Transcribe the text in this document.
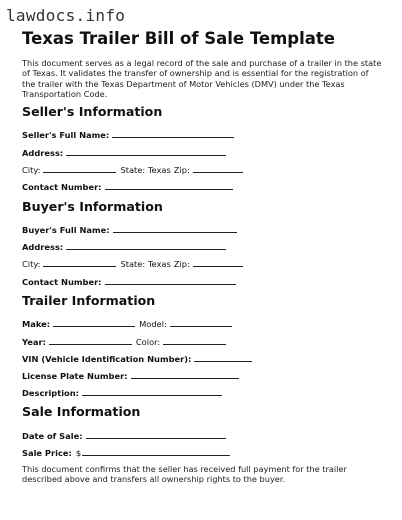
lawdocs.info
Texas Trailer Bill of Sale Template

This document serves as a legal record of the sale and purchase of a trailer in the state of Texas. It validates the transfer of ownership and is essential for the registration of the trailer with the Texas Department of Motor Vehicles (DMV) under the Texas Transportation Code.

Seller's Information
Seller's Full Name:
Address:
City:	State: Texas Zip:
Contact Number:
Buyer's Information
Buyer's Full Name:
Address:
City:	State: Texas Zip:
Contact Number:
Trailer Information
Make:	Model:
Year:	Color:
VIN (Vehicle Identification Number):
License Plate Number:
Description:
Sale Information
Date of Sale:
Sale Price: $

This document confirms that the seller has received full payment for the trailer described above and transfers all ownership rights to the buyer.
